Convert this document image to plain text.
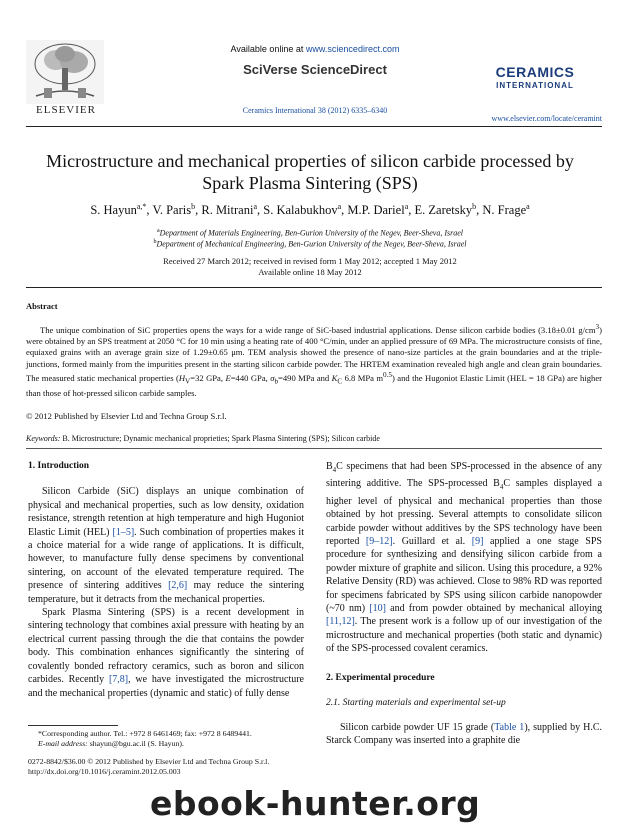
ELSEVIER
Available online at www.sciencedirect.com
SciVerse ScienceDirect
Ceramics International 38 (2012) 6335–6340
CERAMICS
INTERNATIONAL
www.elsevier.com/locate/ceramint
Microstructure and mechanical properties of silicon carbide processed by Spark Plasma Sintering (SPS)
S. Hayun$^{a,*}$, V. Paris$^b$, R. Mitrani$^a$, S. Kalabukhov$^a$, M.P. Dariel$^a$, E. Zaretsky$^b$, N. Frage$^a$
$^a$Department of Materials Engineering, Ben-Gurion University of the Negev, Beer-Sheva, Israel
$^b$Department of Mechanical Engineering, Ben-Gurion University of the Negev, Beer-Sheva, Israel
Received 27 March 2012; received in revised form 1 May 2012; accepted 1 May 2012
Available online 18 May 2012
Abstract
The unique combination of SiC properties opens the ways for a wide range of SiC-based industrial applications. Dense silicon carbide bodies (3.18±0.01 $g/cm^3$) were obtained by an SPS treatment at 2050 °C for 10 min using a heating rate of 400 °C/min, under an applied pressure of 69 MPa. The microstructure consists of fine, equiaxed grains with an average grain size of 1.29±0.65 μm. TEM analysis showed the presence of nano-size particles at the grain boundaries and at the triple-junctions, formed mainly from the impurities present in the starting silicon carbide powder. The HRTEM examination revealed high angle and clean grain boundaries. The measured static mechanical properties ($H_V=32$ GPa, E=440 GPa, $\sigma_b=490$ MPa and $K_C$ 6.8 MPa $m^{0.5}$) and the Hugoniot Elastic Limit (HEL = 18 GPa) are higher than those of hot-pressed silicon carbide samples.
© 2012 Published by Elsevier Ltd and Techna Group S.r.l.
Keywords: B. Microstructure; Dynamic mechanical proprieties; Spark Plasma Sintering (SPS); Silicon carbide
1. Introduction

Silicon Carbide (SiC) displays an unique combination of physical and mechanical properties, such as low density, oxidation resistance, strength retention at high temperature and high Hugoniot Elastic Limit (HEL) [1–5]. Such combination of properties makes it a choice material for a wide range of applications. It is difficult, however, to manufacture fully dense specimens by conventional sintering, on account of the elevated temperature required. The presence of sintering additives [2,6] may reduce the sintering temperature, but it detracts from the mechanical properties.

Spark Plasma Sintering (SPS) is a recent development in sintering technology that combines axial pressure with heating by an electrical current passing through the die that contains the powder body. This combination enhances significantly the sintering of covalently bonded refractory ceramics, such as boron and silicon carbides. Recently [7,8], we have investigated the microstructure and the mechanical properties (dynamic and static) of fully dense

$B_4C$ specimens that had been SPS-processed in the absence of any sintering additive. The SPS-processed $B_4C$ samples displayed a higher level of physical and mechanical properties than those obtained by hot pressing. Several attempts to consolidate silicon carbide powder without additives by the SPS technology have been reported [9–12]. Guillard et al. [9] applied a one stage SPS procedure for synthesizing and densifying silicon carbide from a powder mixture of graphite and silicon. Using this procedure, a 92% Relative Density (RD) was achieved. Close to 98% RD was reported for specimens fabricated by SPS using silicon carbide nanopowder (~70 nm) [10] and from powder obtained by mechanical alloying [11,12]. The present work is a follow up of our investigation of the microstructure and mechanical properties (both static and dynamic) of the SPS-processed covalent ceramics.

2. Experimental procedure
2.1. Starting materials and experimental set-up

Silicon carbide powder UF 15 grade (Table 1), supplied by H.C. Starck Company was inserted into a graphite die

*Corresponding author. Tel.: +972 8 6461469; fax: +972 8 6489441.
E-mail address: shayun@bgu.ac.il (S. Hayun).
0272-8842/$36.00 © 2012 Published by Elsevier Ltd and Techna Group S.r.l.
http://dx.doi.org/10.1016/j.ceramint.2012.05.003
ebook-hunter.org
